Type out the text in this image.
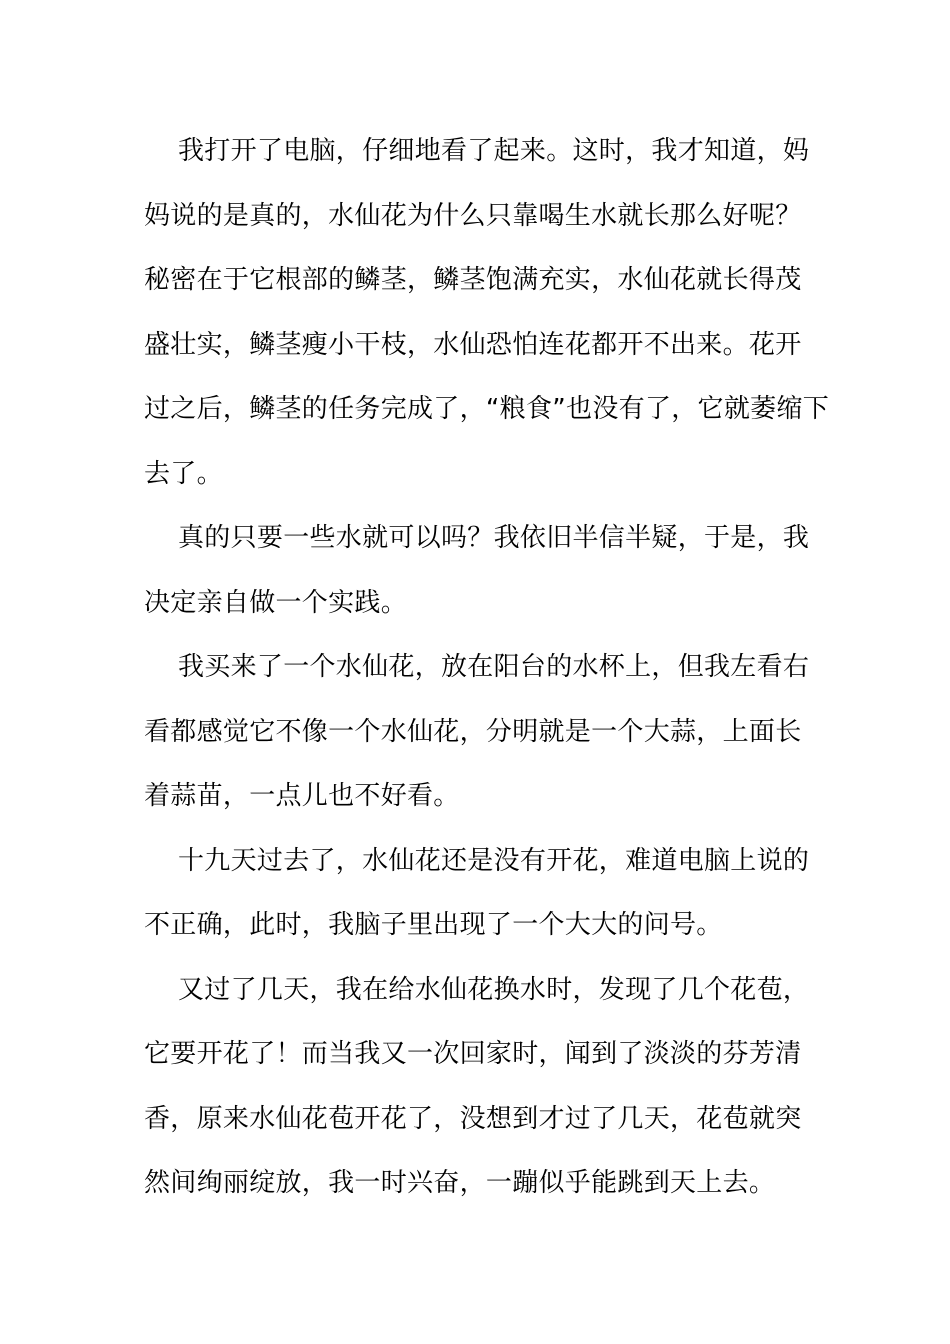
我打开了电脑，仔细地看了起来。这时，我才知道，妈
妈说的是真的，水仙花为什么只靠喝生水就长那么好呢？
秘密在于它根部的鳞茎，鳞茎饱满充实，水仙花就长得茂
盛壮实，鳞茎瘦小干枝，水仙恐怕连花都开不出来。花开
过之后，鳞茎的任务完成了，“粮食”也没有了，它就萎缩下
去了。

真的只要一些水就可以吗？我依旧半信半疑，于是，我
决定亲自做一个实践。

我买来了一个水仙花，放在阳台的水杯上，但我左看右
看都感觉它不像一个水仙花，分明就是一个大蒜，上面长
着蒜苗，一点儿也不好看。

十九天过去了，水仙花还是没有开花，难道电脑上说的
不正确，此时，我脑子里出现了一个大大的问号。

又过了几天，我在给水仙花换水时，发现了几个花苞，
它要开花了！而当我又一次回家时，闻到了淡淡的芬芳清
香，原来水仙花苞开花了，没想到才过了几天，花苞就突
然间绚丽绽放，我一时兴奋，一蹦似乎能跳到天上去。
